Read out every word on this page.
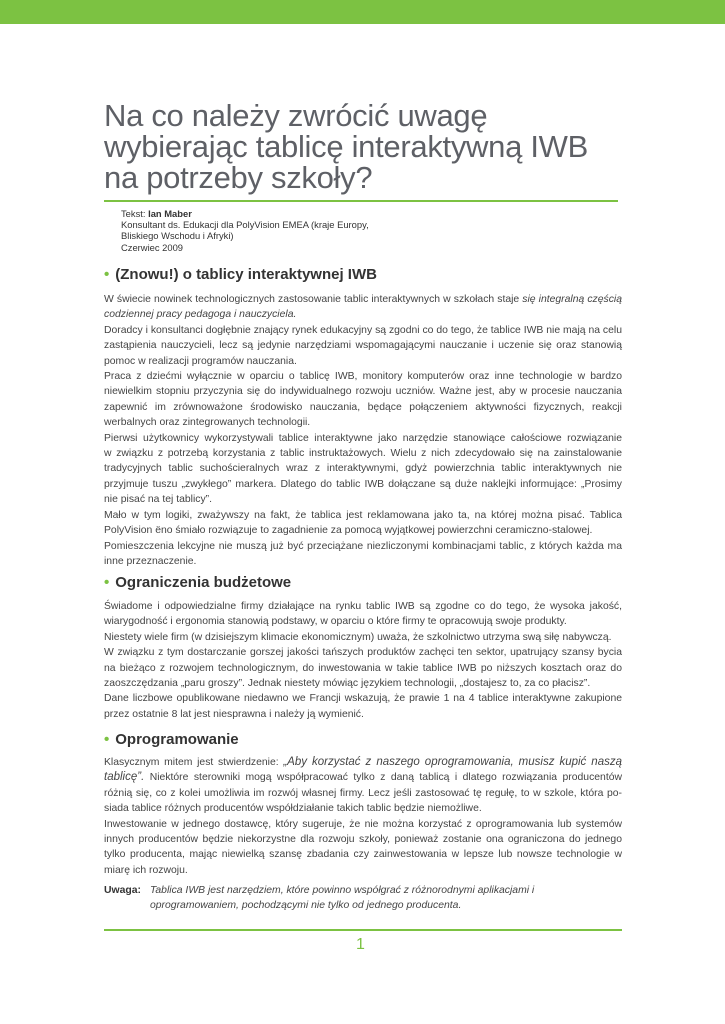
Na co należy zwrócić uwagę
wybierając tablicę interaktywną IWB
na potrzeby szkoły?
Tekst: Ian Maber
Konsultant ds. Edukacji dla PolyVision EMEA (kraje Europy,
Bliskiego Wschodu i Afryki)
Czerwiec 2009
• (Znowu!) o tablicy interaktywnej IWB
W świecie nowinek technologicznych zastosowanie tablic interaktywnych w szkołach staje się integralną częścią
codziennej pracy pedagoga i nauczyciela.
Doradcy i konsultanci dogłębnie znający rynek edukacyjny są zgodni co do tego, że tablice IWB nie mają na celu
zastąpienia nauczycieli, lecz są jedynie narzędziami wspomagającymi nauczanie i uczenie się oraz stanowią
pomoc w realizacji programów nauczania.
Praca z dziećmi wyłącznie w oparciu o tablicę IWB, monitory komputerów oraz inne technologie w bardzo
niewielkim stopniu przyczynia się do indywidualnego rozwoju uczniów. Ważne jest, aby w procesie nauczania
zapewnić im zrównoważone środowisko nauczania, będące połączeniem aktywności fizycznych, reakcji
werbalnych oraz zintegrowanych technologii.
Pierwsi użytkownicy wykorzystywali tablice interaktywne jako narzędzie stanowiące całościowe rozwiązanie
w związku z potrzebą korzystania z tablic instruktażowych. Wielu z nich zdecydowało się na zainstalowanie
tradycyjnych tablic suchościeralnych wraz z interaktywnymi, gdyż powierzchnia tablic interaktywnych nie
przyjmuje tuszu „zwykłego” markera. Dlatego do tablic IWB dołączane są duże naklejki informujące: „Prosimy
nie pisać na tej tablicy”.
Mało w tym logiki, zważywszy na fakt, że tablica jest reklamowana jako ta, na której można pisać. Tablica
PolyVision ëno śmiało rozwiązuje to zagadnienie za pomocą wyjątkowej powierzchni ceramiczno-stalowej.
Pomieszczenia lekcyjne nie muszą już być przeciążane niezliczonymi kombinacjami tablic, z których każda ma
inne przeznaczenie.
• Ograniczenia budżetowe
Świadome i odpowiedzialne firmy działające na rynku tablic IWB są zgodne co do tego, że wysoka jakość,
wiarygodność i ergonomia stanowią podstawy, w oparciu o które firmy te opracowują swoje produkty.
Niestety wiele firm (w dzisiejszym klimacie ekonomicznym) uważa, że szkolnictwo utrzyma swą siłę nabywczą.
W związku z tym dostarczanie gorszej jakości tańszych produktów zachęci ten sektor, upatrujący szansy bycia
na bieżąco z rozwojem technologicznym, do inwestowania w takie tablice IWB po niższych kosztach oraz do
zaoszczędzania „paru groszy”. Jednak niestety mówiąc językiem technologii, „dostajesz to, za co płacisz”.
Dane liczbowe opublikowane niedawno we Francji wskazują, że prawie 1 na 4 tablice interaktywne zakupione
przez ostatnie 8 lat jest niesprawna i należy ją wymienić.
• Oprogramowanie
Klasycznym mitem jest stwierdzenie: „Aby korzystać z naszego oprogramowania, musisz kupić naszą
tablicę”. Niektóre sterowniki mogą współpracować tylko z daną tablicą i dlatego rozwiązania producentów
różnią się, co z kolei umożliwia im rozwój własnej firmy. Lecz jeśli zastosować tę regułę, to w szkole, która po-
siada tablice różnych producentów współdziałanie takich tablic będzie niemożliwe.
Inwestowanie w jednego dostawcę, który sugeruje, że nie można korzystać z oprogramowania lub systemów
innych producentów będzie niekorzystne dla rozwoju szkoły, ponieważ zostanie ona ograniczona do jednego
tylko producenta, mając niewielką szansę zbadania czy zainwestowania w lepsze lub nowsze technologie w
miarę ich rozwoju.
Uwaga: Tablica IWB jest narzędziem, które powinno współgrać z różnorodnymi aplikacjami i
oprogramowaniem, pochodzącymi nie tylko od jednego producenta.
1
